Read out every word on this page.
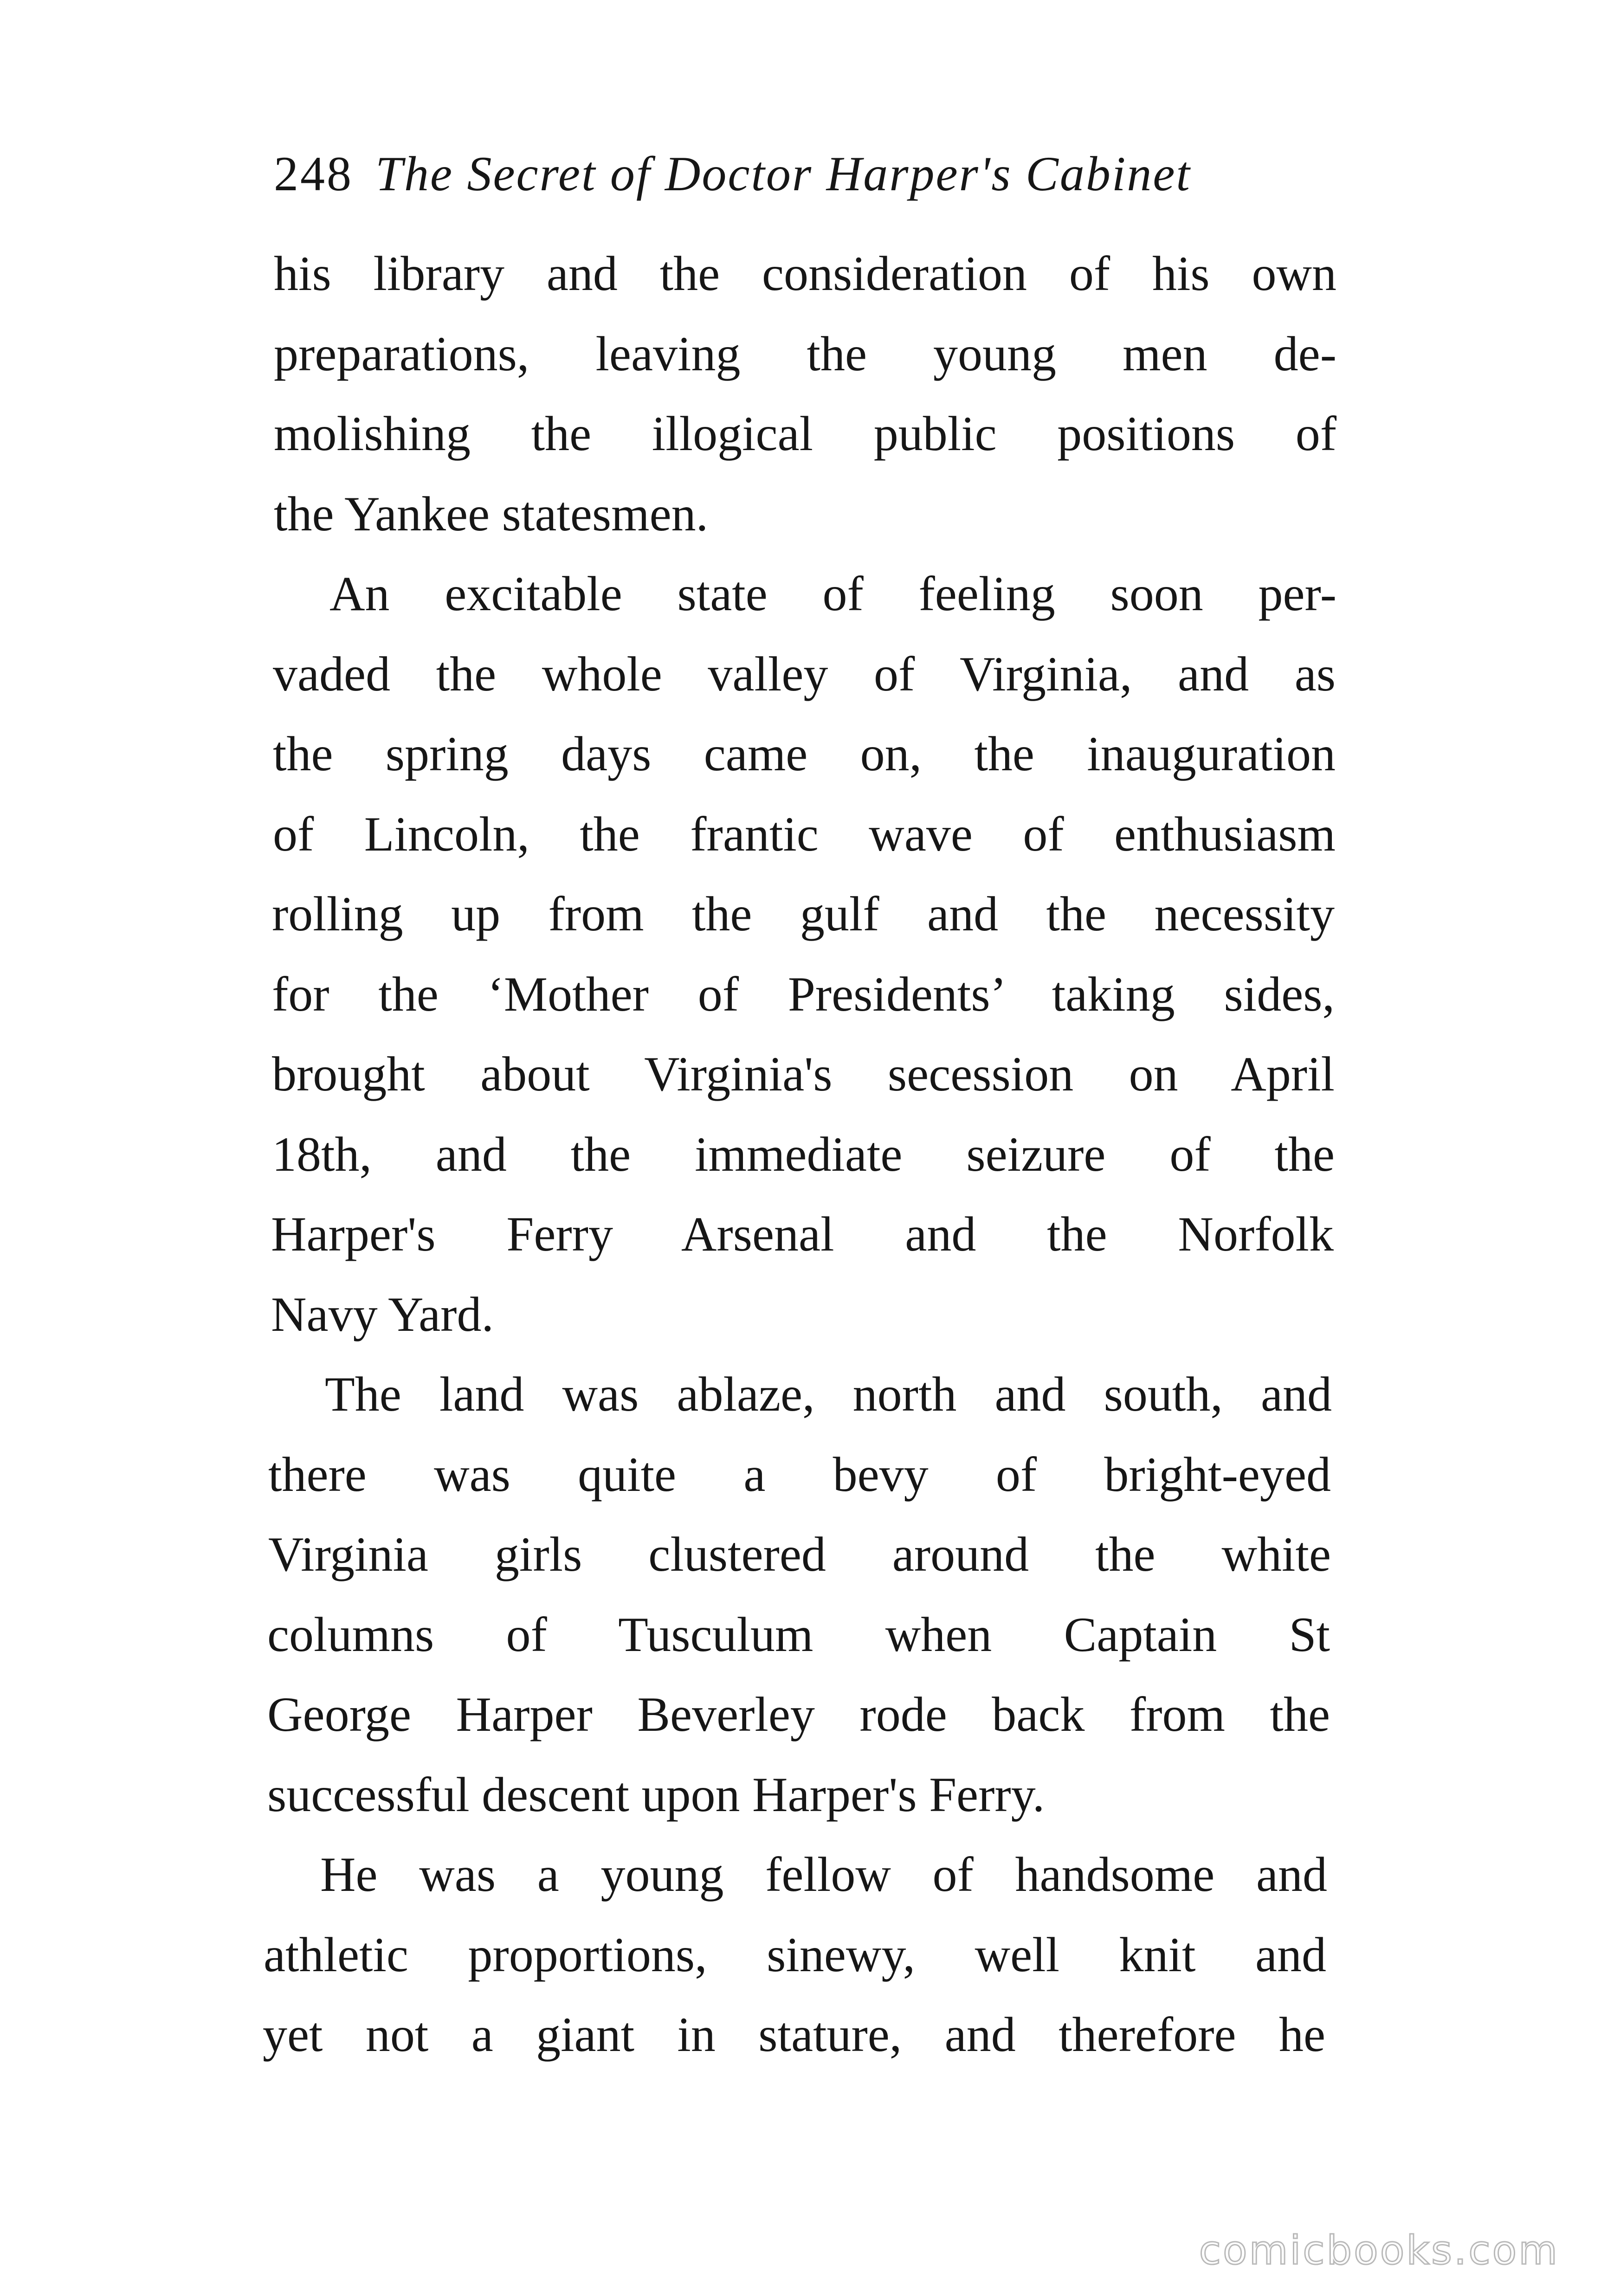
248 The Secret of Doctor Harper's Cabinet
his library and the consideration of his own
preparations, leaving the young men de-
molishing the illogical public positions of
the Yankee statesmen.
An excitable state of feeling soon per-
vaded the whole valley of Virginia, and as
the spring days came on, the inauguration
of Lincoln, the frantic wave of enthusiasm
rolling up from the gulf and the necessity
for the ‘Mother of Presidents’ taking sides,
brought about Virginia's secession on April
18th, and the immediate seizure of the
Harper's Ferry Arsenal and the Norfolk
Navy Yard.
The land was ablaze, north and south, and
there was quite a bevy of bright-eyed
Virginia girls clustered around the white
columns of Tusculum when Captain St
George Harper Beverley rode back from the
successful descent upon Harper's Ferry.
He was a young fellow of handsome and
athletic proportions, sinewy, well knit and
yet not a giant in stature, and therefore he
comicbooks.com
